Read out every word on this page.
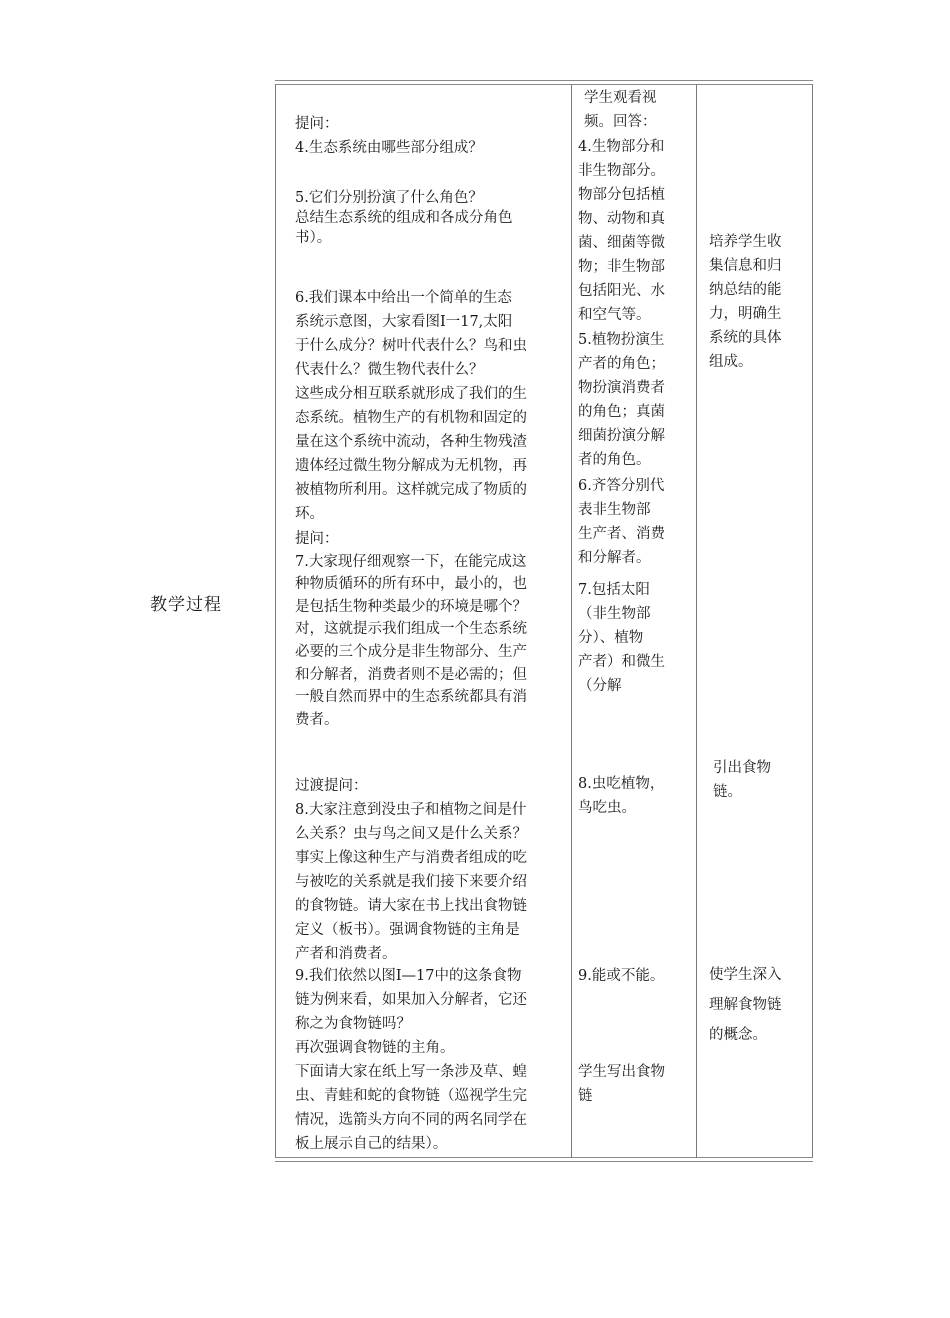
教学过程
提问：
4.生态系统由哪些部分组成？
5.它们分别扮演了什么角色？
总结生态系统的组成和各成分角色
书）。
6.我们课本中给出一个简单的生态
系统示意图，大家看图Ⅰ一17,太阳
于什么成分？树叶代表什么？鸟和虫
代表什么？微生物代表什么？
这些成分相互联系就形成了我们的生
态系统。植物生产的有机物和固定的
量在这个系统中流动，各种生物残渣
遗体经过微生物分解成为无机物，再
被植物所利用。这样就完成了物质的
环。
提问：
7.大家现仔细观察一下，在能完成这
种物质循环的所有环中，最小的，也
是包括生物种类最少的环境是哪个？
对，这就提示我们组成一个生态系统
必要的三个成分是非生物部分、生产
和分解者，消费者则不是必需的；但
一般自然而界中的生态系统都具有消
费者。
过渡提问：
8.大家注意到没虫子和植物之间是什
么关系？虫与鸟之间又是什么关系？
事实上像这种生产与消费者组成的吃
与被吃的关系就是我们接下来要介绍
的食物链。请大家在书上找出食物链
定义（板书）。强调食物链的主角是
产者和消费者。
9.我们依然以图Ⅰ—17中的这条食物
链为例来看，如果加入分解者，它还
称之为食物链吗？
再次强调食物链的主角。
下面请大家在纸上写一条涉及草、蝗
虫、青蛙和蛇的食物链（巡视学生完
情况，选箭头方向不同的两名同学在
板上展示自己的结果）。
学生观看视
频。回答：
4.生物部分和
非生物部分。
物部分包括植
物、动物和真
菌、细菌等微
物；非生物部
包括阳光、水
和空气等。
5.植物扮演生
产者的角色；
物扮演消费者
的角色；真菌
细菌扮演分解
者的角色。
6.齐答分别代
表非生物部
生产者、消费
和分解者。
7.包括太阳
（非生物部
分）、植物
产者）和微生
（分解
8.虫吃植物，
鸟吃虫。
9.能或不能。
学生写出食物
链
培养学生收
集信息和归
纳总结的能
力，明确生
系统的具体
组成。
引出食物
链。
使学生深入
理解食物链
的概念。
